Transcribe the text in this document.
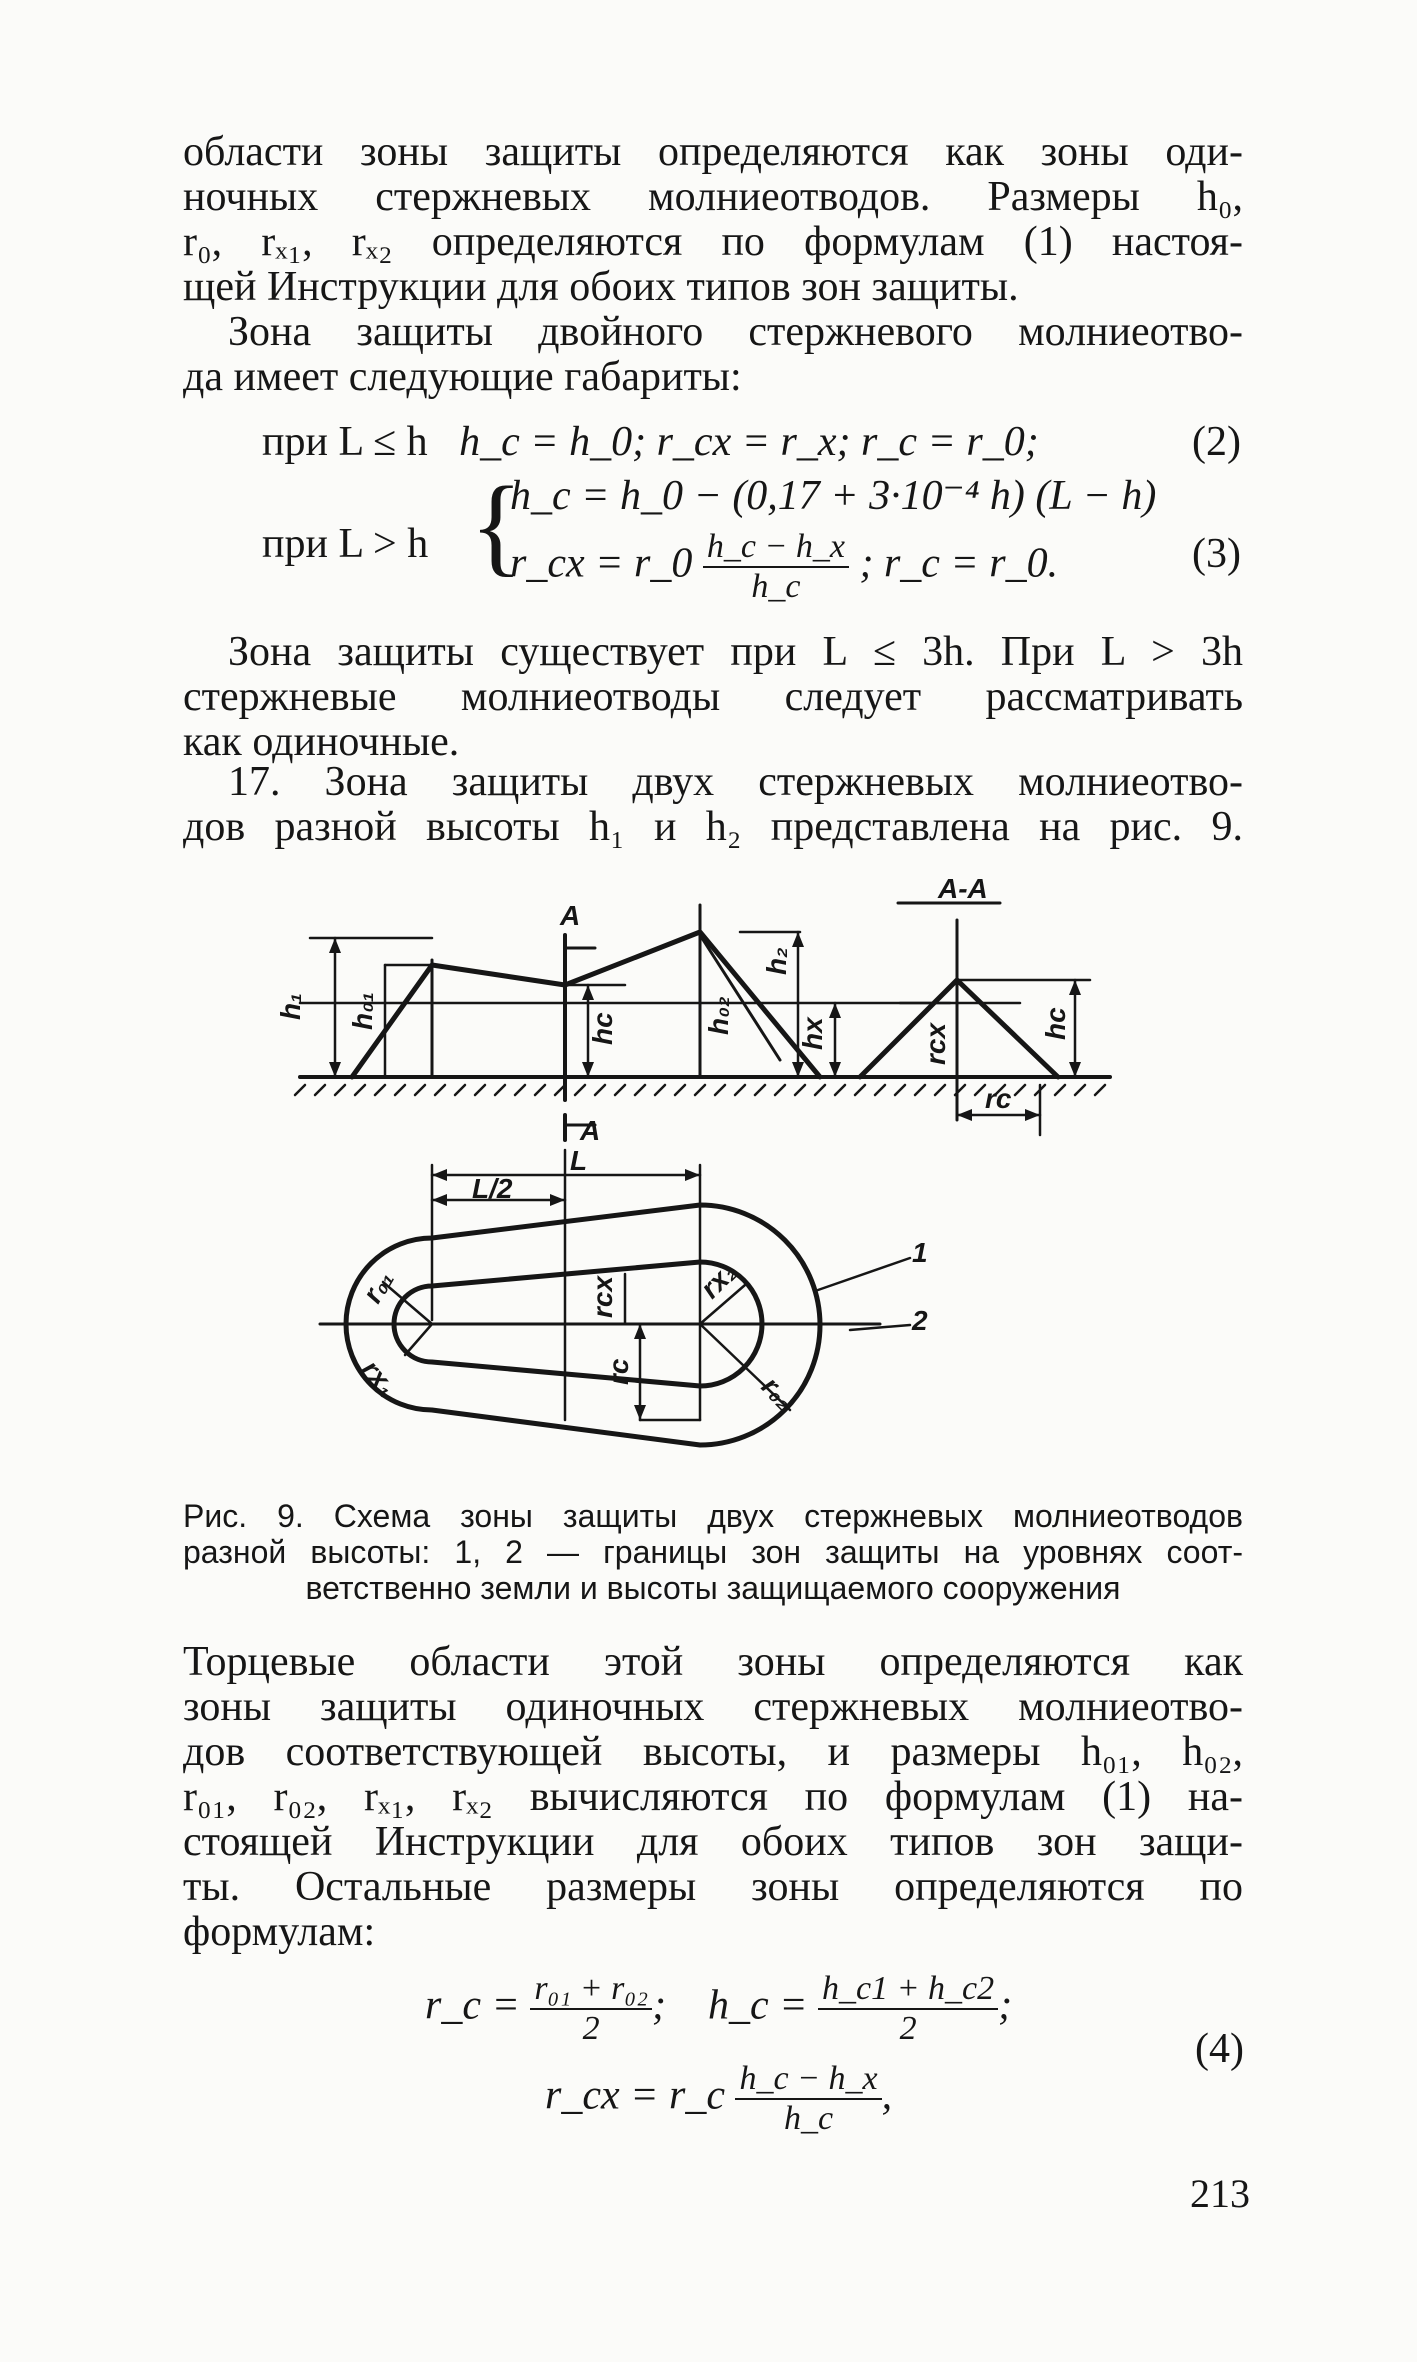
области зоны защиты определяются как зоны оди-
ночных стержневых молниеотводов. Размеры h₀,
r₀, rₓ₁, rₓ₂ определяются по формулам (1) настоя-
щей Инструкции для обоих типов зон защиты.
Зона защиты двойного стержневого молниеотво-
да имеет следующие габариты:
при L ≤ h h_c = h_0; r_cx = r_x; r_c = r_0;	(2)
при L > h {
h_c = h_0 − (0,17 + 3·10⁻⁴ h) (L − h)
r_cx = r_0 $\frac{h\_c - h\_x}{h\_c}$ ; r_c = r_0.	(3)
Зона защиты существует при L ≤ 3h. При L > 3h
стержневые молниеотводы следует рассматривать
как одиночные.
17. Зона защиты двух стержневых молниеотво-
дов разной высоты h₁ и h₂ представлена на рис. 9.
А-А
А
А
h₁ h₀₁	hc	h₀₂
h₂
hx	rcx	hc
rc
L
L/2
r₀₁
rx₁
rx₂
r₀₂
rcx
rc
1
2
Рис. 9. Схема зоны защиты двух стержневых молниеотводов
разной высоты: 1, 2 — границы зон защиты на уровнях соот-
ветственно земли и высоты защищаемого сооружения
Торцевые области этой зоны определяются как
зоны защиты одиночных стержневых молниеотво-
дов соответствующей высоты, и размеры h₀₁, h₀₂,
r₀₁, r₀₂, rₓ₁, rₓ₂ вычисляются по формулам (1) на-
стоящей Инструкции для обоих типов зон защи-
ты. Остальные размеры зоны определяются по
формулам:
r_c = $\frac{\text{r₀₁ + r₀₂}}{2}$ ; h_c = $\frac{h\_c1 + h\_c2}{2}$ ;
r_cx = r_c $\frac{h\_c - h\_x}{h\_c}$ ,
(4)
213
